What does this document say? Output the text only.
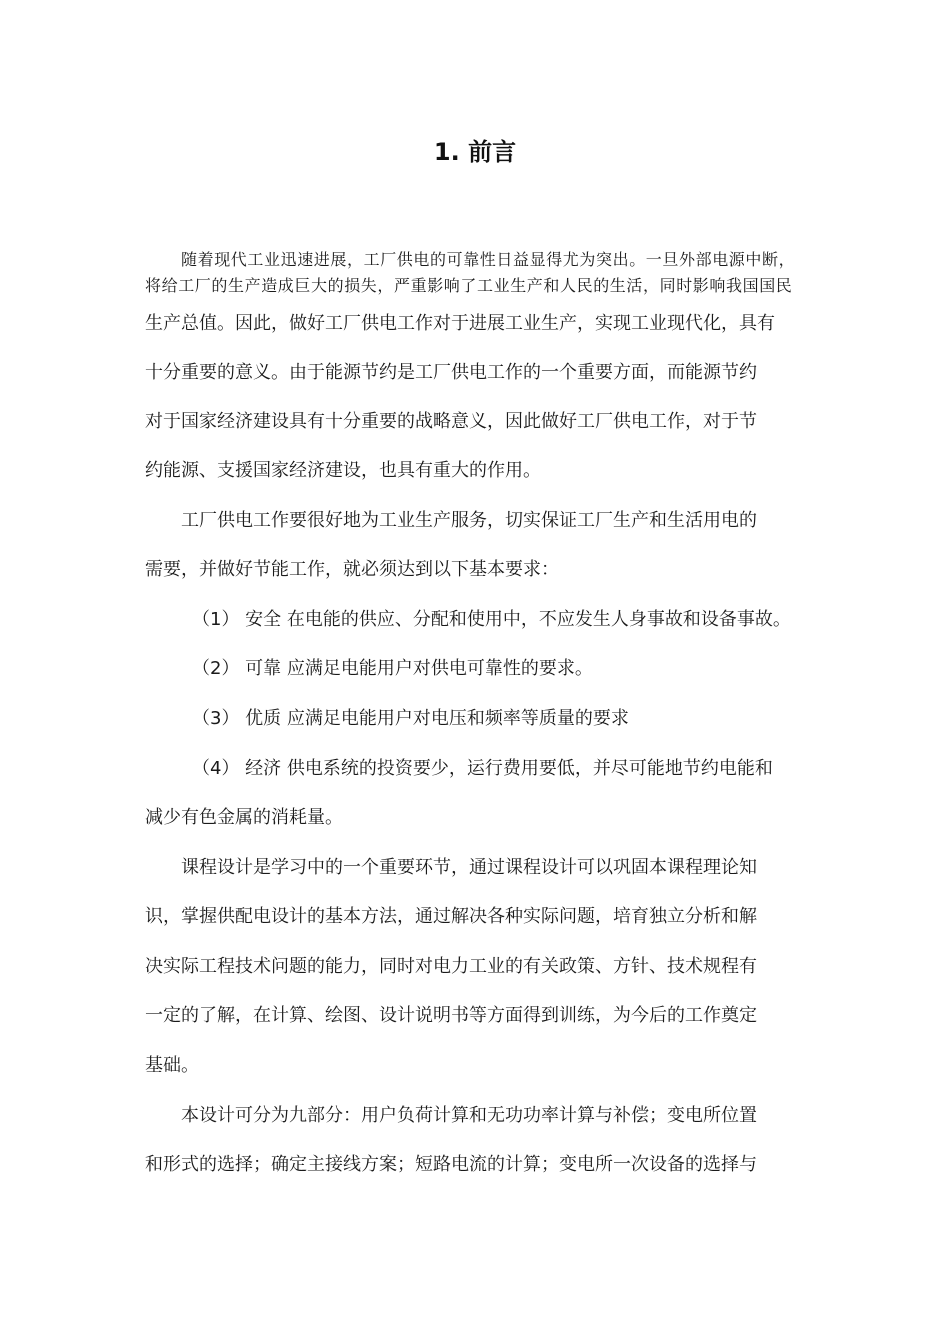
1. 前言
随着现代工业迅速进展，工厂供电的可靠性日益显得尤为突出。一旦外部电源中断，
将给工厂的生产造成巨大的损失，严重影响了工业生产和人民的生活，同时影响我国国民
生产总值。因此，做好工厂供电工作对于进展工业生产，实现工业现代化，具有
十分重要的意义。由于能源节约是工厂供电工作的一个重要方面，而能源节约
对于国家经济建设具有十分重要的战略意义，因此做好工厂供电工作，对于节
约能源、支援国家经济建设，也具有重大的作用。
工厂供电工作要很好地为工业生产服务，切实保证工厂生产和生活用电的
需要，并做好节能工作，就必须达到以下基本要求：
（1） 安全 在电能的供应、分配和使用中，不应发生人身事故和设备事故。
（2） 可靠 应满足电能用户对供电可靠性的要求。
（3） 优质 应满足电能用户对电压和频率等质量的要求
（4） 经济 供电系统的投资要少，运行费用要低，并尽可能地节约电能和
减少有色金属的消耗量。
课程设计是学习中的一个重要环节，通过课程设计可以巩固本课程理论知
识，掌握供配电设计的基本方法，通过解决各种实际问题，培育独立分析和解
决实际工程技术问题的能力，同时对电力工业的有关政策、方针、技术规程有
一定的了解，在计算、绘图、设计说明书等方面得到训练，为今后的工作奠定
基础。
本设计可分为九部分：用户负荷计算和无功功率计算与补偿；变电所位置
和形式的选择；确定主接线方案；短路电流的计算；变电所一次设备的选择与
